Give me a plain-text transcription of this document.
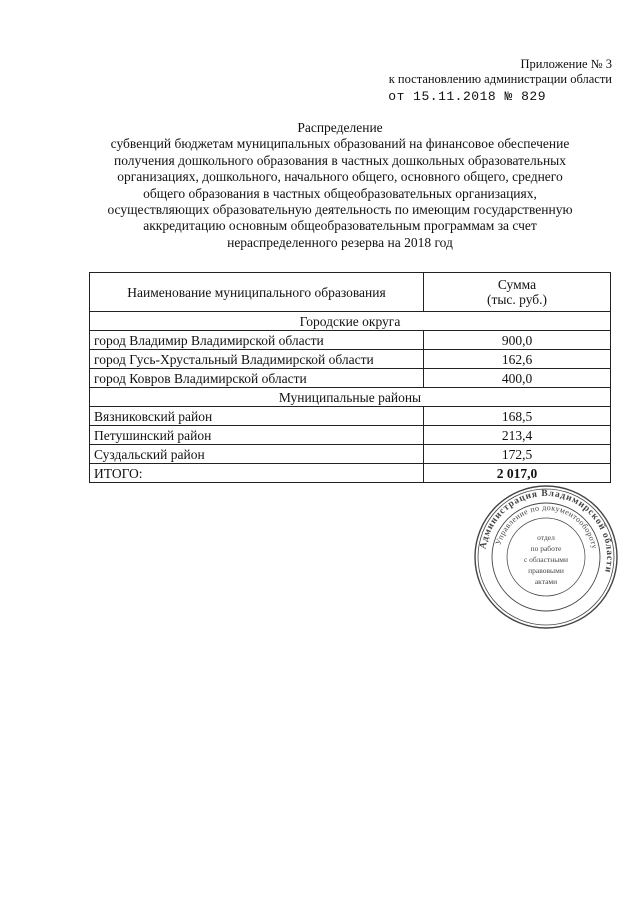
Приложение № 3
к постановлению администрации области
от 15.11.2018 № 829
Распределение
субвенций бюджетам муниципальных образований на финансовое обеспечение
получения дошкольного образования в частных дошкольных образовательных
организациях, дошкольного, начального общего, основного общего, среднего
общего образования в частных общеобразовательных организациях,
осуществляющих образовательную деятельность по имеющим государственную
аккредитацию основным общеобразовательным программам за счет
нераспределенного резерва на 2018 год
Наименование муниципального образования	Сумма
(тыс. руб.)

Городские округа	
город Владимир Владимирской области	900,0
город Гусь-Хрустальный Владимирской области	162,6
город Ковров Владимирской области	400,0
Муниципальные районы	
Вязниковский район	168,5
Петушинский район	213,4
Суздальский район	172,5
ИТОГО:	2 017,0
Администрация Владимирской области
Управление по документообороту
отдел
по работе
с областными
правовыми
актами
